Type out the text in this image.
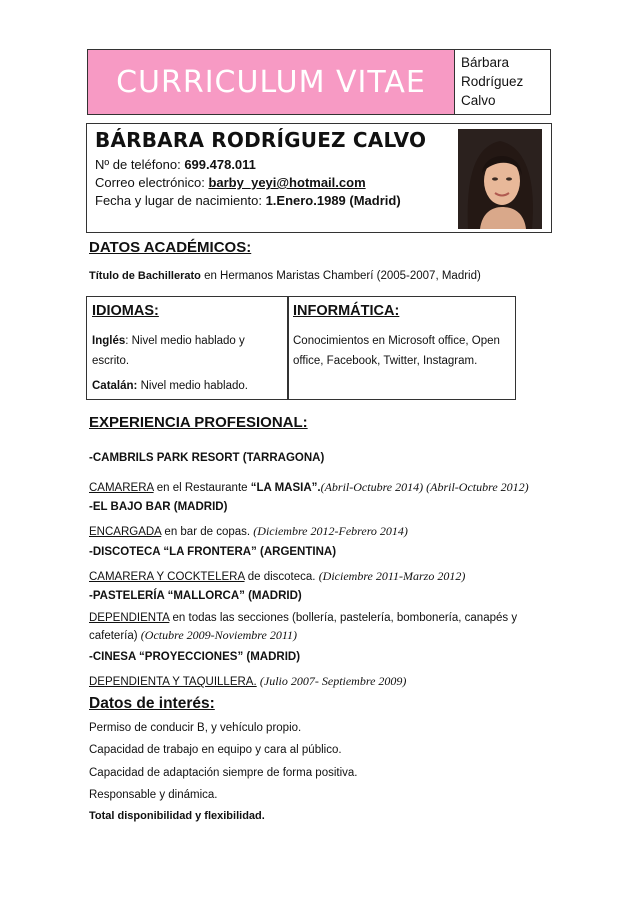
CURRICULUM VITAE
Bárbara
Rodríguez
Calvo
BÁRBARA RODRÍGUEZ CALVO
Nº de teléfono: 699.478.011
Correo electrónico: barby_yeyi@hotmail.com
Fecha y lugar de nacimiento: 1.Enero.1989 (Madrid)
DATOS ACADÉMICOS:
Título de Bachillerato en Hermanos Maristas Chamberí (2005-2007, Madrid)
IDIOMAS:
Inglés: Nivel medio hablado y
escrito.
Catalán: Nivel medio hablado.
INFORMÁTICA:
Conocimientos en Microsoft office, Open
office, Facebook, Twitter, Instagram.
EXPERIENCIA PROFESIONAL:
-CAMBRILS PARK RESORT (TARRAGONA)
CAMARERA en el Restaurante “LA MASIA”.(Abril-Octubre 2014) (Abril-Octubre 2012)
-EL BAJO BAR (MADRID)
ENCARGADA en bar de copas. (Diciembre 2012-Febrero 2014)
-DISCOTECA “LA FRONTERA” (ARGENTINA)
CAMARERA Y COCKTELERA de discoteca. (Diciembre 2011-Marzo 2012)
-PASTELERÍA “MALLORCA” (MADRID)
DEPENDIENTA en todas las secciones (bollería, pastelería, bombonería, canapés y
cafetería) (Octubre 2009-Noviembre 2011)
-CINESA “PROYECCIONES” (MADRID)
DEPENDIENTA Y TAQUILLERA. (Julio 2007- Septiembre 2009)
Datos de interés:
Permiso de conducir B, y vehículo propio.
Capacidad de trabajo en equipo y cara al público.
Capacidad de adaptación siempre de forma positiva.
Responsable y dinámica.
Total disponibilidad y flexibilidad.
